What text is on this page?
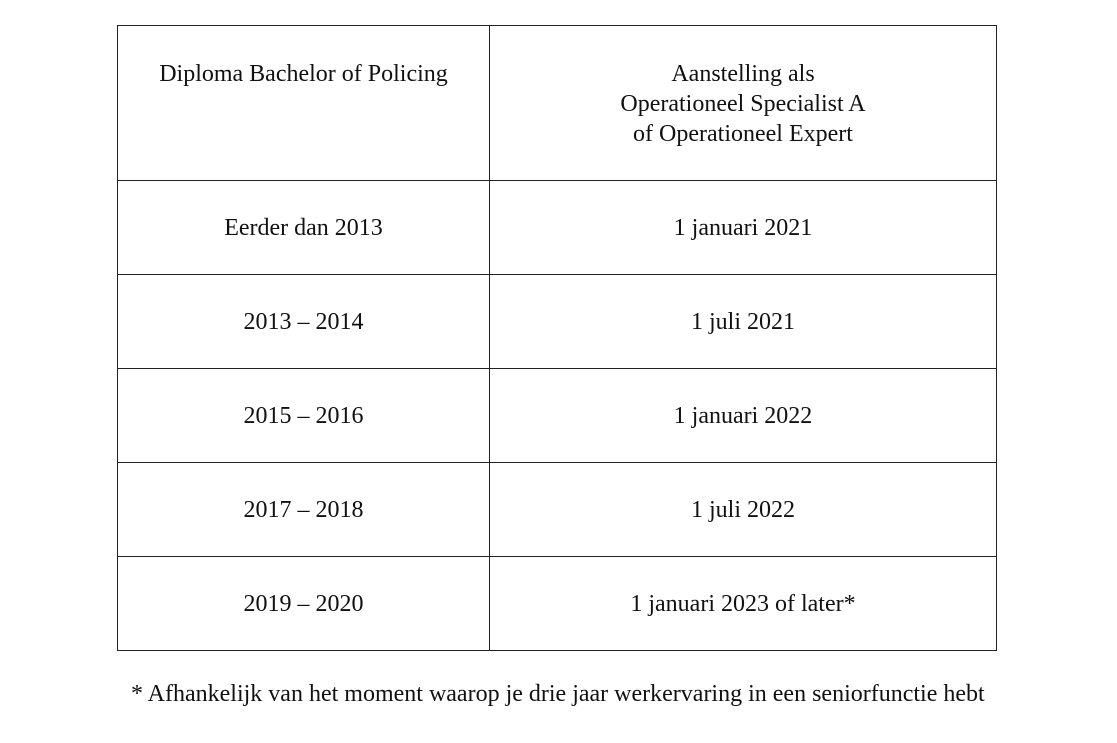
Diploma Bachelor of Policing	Aanstelling als
Operationeel Specialist A
of Operationeel Expert

Eerder dan 2013	1 januari 2021
2013 – 2014	1 juli 2021
2015 – 2016	1 januari 2022
2017 – 2018	1 juli 2022
2019 – 2020	1 januari 2023 of later*
* Afhankelijk van het moment waarop je drie jaar werkervaring in een seniorfunctie hebt
